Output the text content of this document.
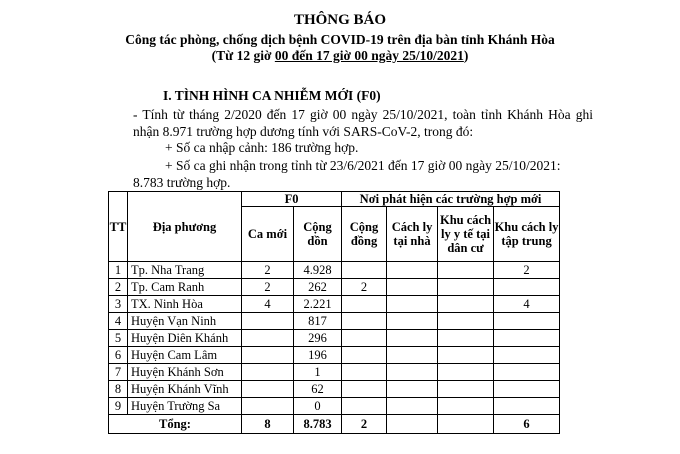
THÔNG BÁO
Công tác phòng, chống dịch bệnh COVID-19 trên địa bàn tỉnh Khánh Hòa
(Từ 12 giờ 00 đến 17 giờ 00 ngày 25/10/2021)
I. TÌNH HÌNH CA NHIỄM MỚI (F0)
- Tính từ tháng 2/2020 đến 17 giờ 00 ngày 25/10/2021, toàn tỉnh Khánh Hòa ghi nhận 8.971 trường hợp dương tính với SARS-CoV-2, trong đó:
+ Số ca nhập cảnh: 186 trường hợp.
+ Số ca ghi nhận trong tỉnh từ 23/6/2021 đến 17 giờ 00 ngày 25/10/2021:
8.783 trường hợp.
TT	Địa phương	F0		Nơi phát hiện các trường hợp mới			
		Ca mới	Cộng dồn	Cộng đồng	Cách ly tại nhà	Khu cách ly y tế tại dân cư	Khu cách ly tập trung
1	Tp. Nha Trang	2	4.928				2
2	Tp. Cam Ranh	2	262	2			
3	TX. Ninh Hòa	4	2.221				4
4	Huyện Vạn Ninh		817				
5	Huyện Diên Khánh		296				
6	Huyện Cam Lâm		196				
7	Huyện Khánh Sơn		1				
8	Huyện Khánh Vĩnh		62				
9	Huyện Trường Sa		0				
Tổng:		8	8.783	2			6
